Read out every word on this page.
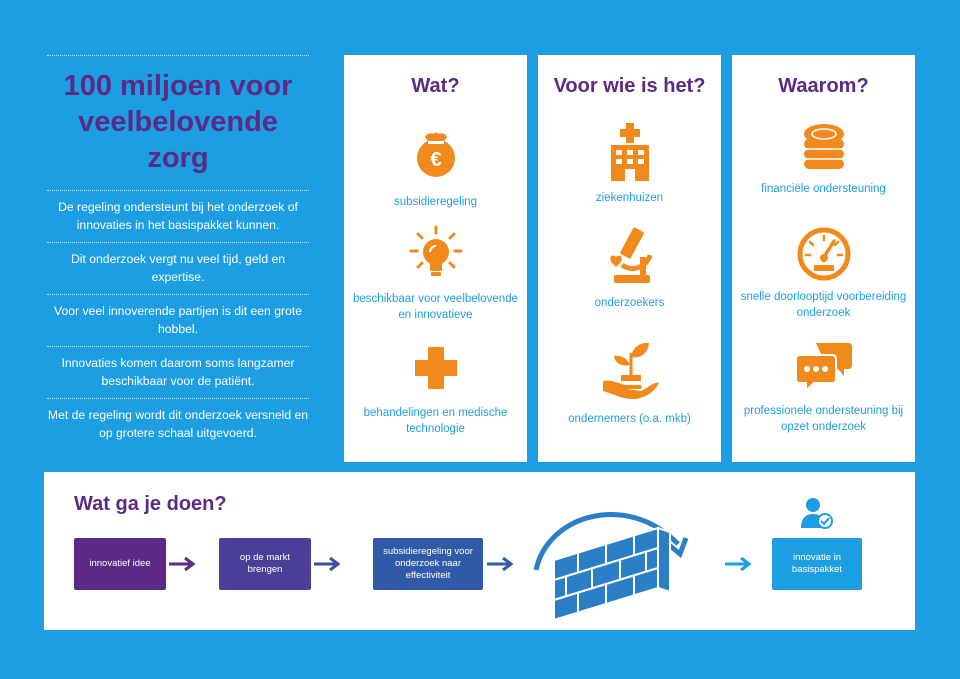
100 miljoen voor veelbelovende zorg
De regeling ondersteunt bij het onderzoek of innovaties in het basispakket kunnen.
Dit onderzoek vergt nu veel tijd, geld en expertise.
Voor veel innoverende partijen is dit een grote hobbel.
Innovaties komen daarom soms langzamer beschikbaar voor de patiënt.
Met de regeling wordt dit onderzoek versneld en op grotere schaal uitgevoerd.
Wat?
€
subsidieregeling
beschikbaar voor veelbelovende en innovatieve
behandelingen en medische technologie
Voor wie is het?
ziekenhuizen
onderzoekers
ondernemers (o.a. mkb)
Waarom?
financiële ondersteuning
snelle doorlooptijd voorbereiding onderzoek
professionele ondersteuning bij opzet onderzoek
Wat ga je doen?
innovatief idee
op de markt brengen
subsidieregeling voor onderzoek naar effectiviteit
innovatie in basispakket
